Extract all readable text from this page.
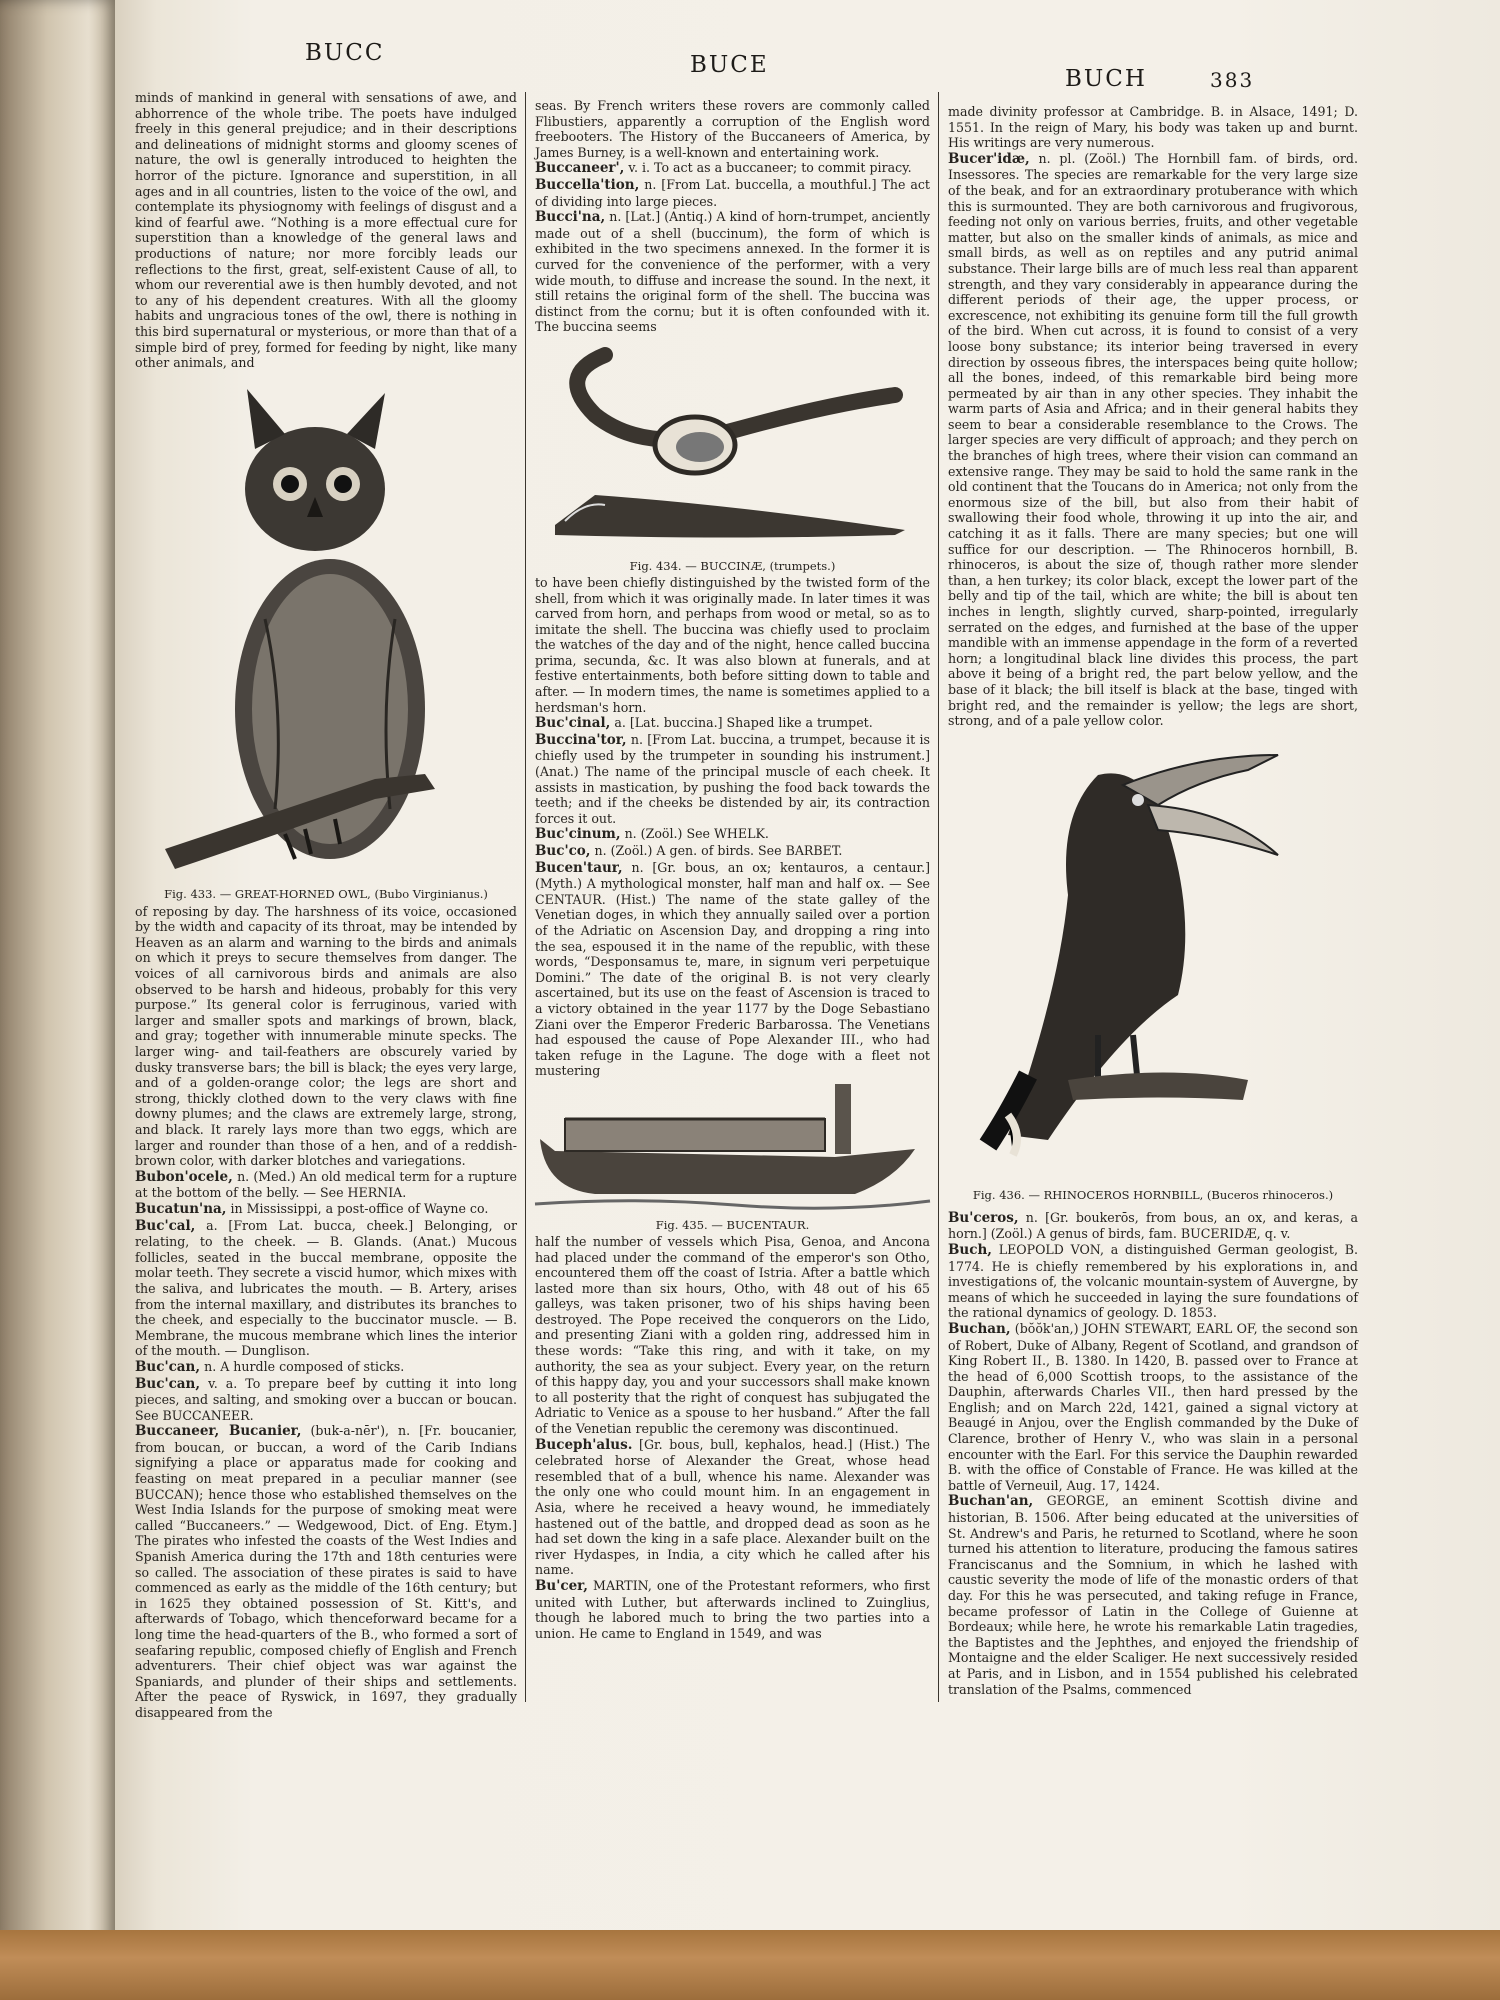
BUCC	BUCE
BUCH	383

minds of mankind in general with sensations of awe, and abhorrence of the whole tribe. The poets have indulged freely in this general prejudice; and in their descriptions and delineations of midnight storms and gloomy scenes of nature, the owl is generally introduced to heighten the horror of the picture. Ignorance and superstition, in all ages and in all countries, listen to the voice of the owl, and contemplate its physiognomy with feelings of disgust and a kind of fearful awe. “Nothing is a more effectual cure for superstition than a knowledge of the general laws and productions of nature; nor more forcibly leads our reflections to the first, great, self-existent Cause of all, to whom our reverential awe is then humbly devoted, and not to any of his dependent creatures. With all the gloomy habits and ungracious tones of the owl, there is nothing in this bird supernatural or mysterious, or more than that of a simple bird of prey, formed for feeding by night, like many other animals, and

Fig. 433. — GREAT-HORNED OWL, (Bubo Virginianus.)

of reposing by day. The harshness of its voice, occasioned by the width and capacity of its throat, may be intended by Heaven as an alarm and warning to the birds and animals on which it preys to secure themselves from danger. The voices of all carnivorous birds and animals are also observed to be harsh and hideous, probably for this very purpose.” Its general color is ferruginous, varied with larger and smaller spots and markings of brown, black, and gray; together with innumerable minute specks. The larger wing- and tail-feathers are obscurely varied by dusky transverse bars; the bill is black; the eyes very large, and of a golden-orange color; the legs are short and strong, thickly clothed down to the very claws with fine downy plumes; and the claws are extremely large, strong, and black. It rarely lays more than two eggs, which are larger and rounder than those of a hen, and of a reddish-brown color, with darker blotches and variegations.

Bubon'ocele, n. (Med.) An old medical term for a rupture at the bottom of the belly. — See HERNIA.

Bucatun'na, in Mississippi, a post-office of Wayne co.

Buc'cal, a. [From Lat. bucca, cheek.] Belonging, or relating, to the cheek. — B. Glands. (Anat.) Mucous follicles, seated in the buccal membrane, opposite the molar teeth. They secrete a viscid humor, which mixes with the saliva, and lubricates the mouth. — B. Artery, arises from the internal maxillary, and distributes its branches to the cheek, and especially to the buccinator muscle. — B. Membrane, the mucous membrane which lines the interior of the mouth. — Dunglison.

Buc'can, n. A hurdle composed of sticks.

Buc'can, v. a. To prepare beef by cutting it into long pieces, and salting, and smoking over a buccan or boucan. See BUCCANEER.

Buccaneer, Bucanier, (buk-a-nēr'), n. [Fr. boucanier, from boucan, or buccan, a word of the Carib Indians signifying a place or apparatus made for cooking and feasting on meat prepared in a peculiar manner (see BUCCAN); hence those who established themselves on the West India Islands for the purpose of smoking meat were called “Buccaneers.” — Wedgewood, Dict. of Eng. Etym.] The pirates who infested the coasts of the West Indies and Spanish America during the 17th and 18th centuries were so called. The association of these pirates is said to have commenced as early as the middle of the 16th century; but in 1625 they obtained possession of St. Kitt's, and afterwards of Tobago, which thenceforward became for a long time the head-quarters of the B., who formed a sort of seafaring republic, composed chiefly of English and French adventurers. Their chief object was war against the Spaniards, and plunder of their ships and settlements. After the peace of Ryswick, in 1697, they gradually disappeared from the

seas. By French writers these rovers are commonly called Flibustiers, apparently a corruption of the English word freebooters. The History of the Buccaneers of America, by James Burney, is a well-known and entertaining work.

Buccaneer', v. i. To act as a buccaneer; to commit piracy.

Buccella'tion, n. [From Lat. buccella, a mouthful.] The act of dividing into large pieces.

Bucci'na, n. [Lat.] (Antiq.) A kind of horn-trumpet, anciently made out of a shell (buccinum), the form of which is exhibited in the two specimens annexed. In the former it is curved for the convenience of the performer, with a very wide mouth, to diffuse and increase the sound. In the next, it still retains the original form of the shell. The buccina was distinct from the cornu; but it is often confounded with it. The buccina seems

Fig. 434. — BUCCINÆ, (trumpets.)

to have been chiefly distinguished by the twisted form of the shell, from which it was originally made. In later times it was carved from horn, and perhaps from wood or metal, so as to imitate the shell. The buccina was chiefly used to proclaim the watches of the day and of the night, hence called buccina prima, secunda, &c. It was also blown at funerals, and at festive entertainments, both before sitting down to table and after. — In modern times, the name is sometimes applied to a herdsman's horn.

Buc'cinal, a. [Lat. buccina.] Shaped like a trumpet.

Buccina'tor, n. [From Lat. buccina, a trumpet, because it is chiefly used by the trumpeter in sounding his instrument.] (Anat.) The name of the principal muscle of each cheek. It assists in mastication, by pushing the food back towards the teeth; and if the cheeks be distended by air, its contraction forces it out.

Buc'cinum, n. (Zoöl.) See WHELK.

Buc'co, n. (Zoöl.) A gen. of birds. See BARBET.

Bucen'taur, n. [Gr. bous, an ox; kentauros, a centaur.] (Myth.) A mythological monster, half man and half ox. — See CENTAUR. (Hist.) The name of the state galley of the Venetian doges, in which they annually sailed over a portion of the Adriatic on Ascension Day, and dropping a ring into the sea, espoused it in the name of the republic, with these words, “Desponsamus te, mare, in signum veri perpetuique Domini.” The date of the original B. is not very clearly ascertained, but its use on the feast of Ascension is traced to a victory obtained in the year 1177 by the Doge Sebastiano Ziani over the Emperor Frederic Barbarossa. The Venetians had espoused the cause of Pope Alexander III., who had taken refuge in the Lagune. The doge with a fleet not mustering

Fig. 435. — BUCENTAUR.

half the number of vessels which Pisa, Genoa, and Ancona had placed under the command of the emperor's son Otho, encountered them off the coast of Istria. After a battle which lasted more than six hours, Otho, with 48 out of his 65 galleys, was taken prisoner, two of his ships having been destroyed. The Pope received the conquerors on the Lido, and presenting Ziani with a golden ring, addressed him in these words: “Take this ring, and with it take, on my authority, the sea as your subject. Every year, on the return of this happy day, you and your successors shall make known to all posterity that the right of conquest has subjugated the Adriatic to Venice as a spouse to her husband.” After the fall of the Venetian republic the ceremony was discontinued.

Buceph'alus. [Gr. bous, bull, kephalos, head.] (Hist.) The celebrated horse of Alexander the Great, whose head resembled that of a bull, whence his name. Alexander was the only one who could mount him. In an engagement in Asia, where he received a heavy wound, he immediately hastened out of the battle, and dropped dead as soon as he had set down the king in a safe place. Alexander built on the river Hydaspes, in India, a city which he called after his name.

Bu'cer, MARTIN, one of the Protestant reformers, who first united with Luther, but afterwards inclined to Zuinglius, though he labored much to bring the two parties into a union. He came to England in 1549, and was

made divinity professor at Cambridge. B. in Alsace, 1491; D. 1551. In the reign of Mary, his body was taken up and burnt. His writings are very numerous.

Bucer'idæ, n. pl. (Zoöl.) The Hornbill fam. of birds, ord. Insessores. The species are remarkable for the very large size of the beak, and for an extraordinary protuberance with which this is surmounted. They are both carnivorous and frugivorous, feeding not only on various berries, fruits, and other vegetable matter, but also on the smaller kinds of animals, as mice and small birds, as well as on reptiles and any putrid animal substance. Their large bills are of much less real than apparent strength, and they vary considerably in appearance during the different periods of their age, the upper process, or excrescence, not exhibiting its genuine form till the full growth of the bird. When cut across, it is found to consist of a very loose bony substance; its interior being traversed in every direction by osseous fibres, the interspaces being quite hollow; all the bones, indeed, of this remarkable bird being more permeated by air than in any other species. They inhabit the warm parts of Asia and Africa; and in their general habits they seem to bear a considerable resemblance to the Crows. The larger species are very difficult of approach; and they perch on the branches of high trees, where their vision can command an extensive range. They may be said to hold the same rank in the old continent that the Toucans do in America; not only from the enormous size of the bill, but also from their habit of swallowing their food whole, throwing it up into the air, and catching it as it falls. There are many species; but one will suffice for our description. — The Rhinoceros hornbill, B. rhinoceros, is about the size of, though rather more slender than, a hen turkey; its color black, except the lower part of the belly and tip of the tail, which are white; the bill is about ten inches in length, slightly curved, sharp-pointed, irregularly serrated on the edges, and furnished at the base of the upper mandible with an immense appendage in the form of a reverted horn; a longitudinal black line divides this process, the part above it being of a bright red, the part below yellow, and the base of it black; the bill itself is black at the base, tinged with bright red, and the remainder is yellow; the legs are short, strong, and of a pale yellow color.

Fig. 436. — RHINOCEROS HORNBILL, (Buceros rhinoceros.)

Bu'ceros, n. [Gr. boukerōs, from bous, an ox, and keras, a horn.] (Zoöl.) A genus of birds, fam. BUCERIDÆ, q. v.

Buch, LEOPOLD VON, a distinguished German geologist, B. 1774. He is chiefly remembered by his explorations in, and investigations of, the volcanic mountain-system of Auvergne, by means of which he succeeded in laying the sure foundations of the rational dynamics of geology. D. 1853.

Buchan, (bŏŏk'an,) JOHN STEWART, EARL OF, the second son of Robert, Duke of Albany, Regent of Scotland, and grandson of King Robert II., B. 1380. In 1420, B. passed over to France at the head of 6,000 Scottish troops, to the assistance of the Dauphin, afterwards Charles VII., then hard pressed by the English; and on March 22d, 1421, gained a signal victory at Beaugé in Anjou, over the English commanded by the Duke of Clarence, brother of Henry V., who was slain in a personal encounter with the Earl. For this service the Dauphin rewarded B. with the office of Constable of France. He was killed at the battle of Verneuil, Aug. 17, 1424.

Buchan'an, GEORGE, an eminent Scottish divine and historian, B. 1506. After being educated at the universities of St. Andrew's and Paris, he returned to Scotland, where he soon turned his attention to literature, producing the famous satires Franciscanus and the Somnium, in which he lashed with caustic severity the mode of life of the monastic orders of that day. For this he was persecuted, and taking refuge in France, became professor of Latin in the College of Guienne at Bordeaux; while here, he wrote his remarkable Latin tragedies, the Baptistes and the Jephthes, and enjoyed the friendship of Montaigne and the elder Scaliger. He next successively resided at Paris, and in Lisbon, and in 1554 published his celebrated translation of the Psalms, commenced
